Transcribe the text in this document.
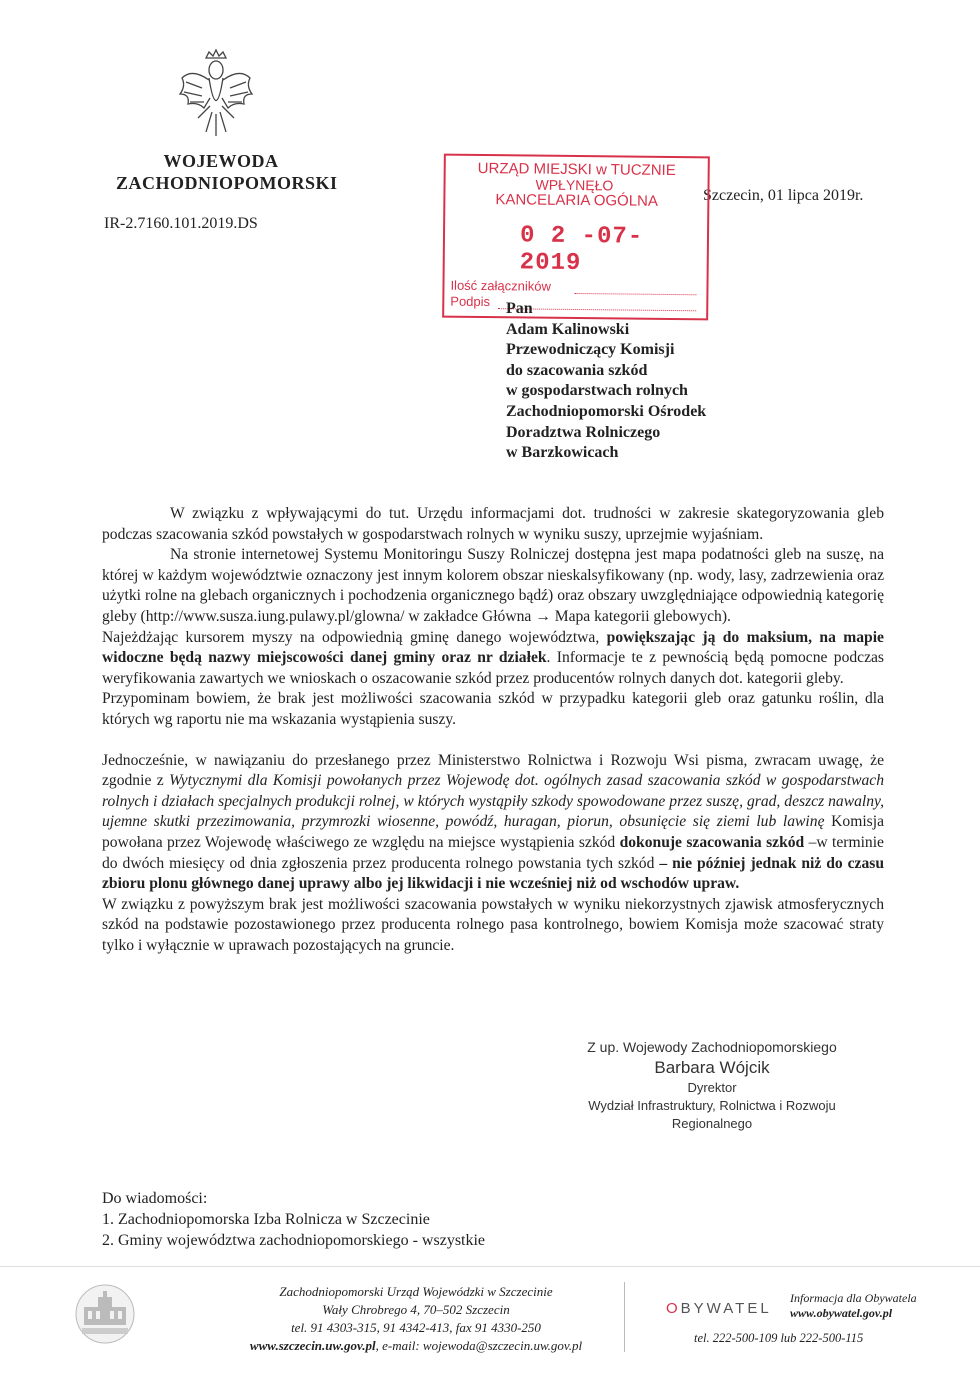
WOJEWODA
ZACHODNIOPOMORSKI
IR-2.7160.101.2019.DS
Szczecin, 01 lipca 2019r.
URZĄD MIEJSKI w TUCZNIE
WPŁYNĘŁO
KANCELARIA OGÓLNA
0 2 -07- 2019
Ilość załączników
Podpis Pan
Adam Kalinowski
Przewodniczący Komisji
do szacowania szkód
w gospodarstwach rolnych
Zachodniopomorski Ośrodek
Doradztwa Rolniczego
w Barzkowicach

W związku z wpływającymi do tut. Urzędu informacjami dot. trudności w zakresie skategoryzowania gleb podczas szacowania szkód powstałych w gospodarstwach rolnych w wyniku suszy, uprzejmie wyjaśniam.

Na stronie internetowej Systemu Monitoringu Suszy Rolniczej dostępna jest mapa podatności gleb na suszę, na której w każdym województwie oznaczony jest innym kolorem obszar nieskalsyfikowany (np. wody, lasy, zadrzewienia oraz użytki rolne na glebach organicznych i pochodzenia organicznego bądź) oraz obszary uwzględniające odpowiednią kategorię gleby (http://www.susza.iung.pulawy.pl/glowna/ w zakładce Główna → Mapa kategorii glebowych).

Najeżdżając kursorem myszy na odpowiednią gminę danego województwa, powiększając ją do maksium, na mapie widoczne będą nazwy miejscowości danej gminy oraz nr działek. Informacje te z pewnością będą pomocne podczas weryfikowania zawartych we wnioskach o oszacowanie szkód przez producentów rolnych danych dot. kategorii gleby.

Przypominam bowiem, że brak jest możliwości szacowania szkód w przypadku kategorii gleb oraz gatunku roślin, dla których wg raportu nie ma wskazania wystąpienia suszy.

Jednocześnie, w nawiązaniu do przesłanego przez Ministerstwo Rolnictwa i Rozwoju Wsi pisma, zwracam uwagę, że zgodnie z Wytycznymi dla Komisji powołanych przez Wojewodę dot. ogólnych zasad szacowania szkód w gospodarstwach rolnych i działach specjalnych produkcji rolnej, w których wystąpiły szkody spowodowane przez suszę, grad, deszcz nawalny, ujemne skutki przezimowania, przymrozki wiosenne, powódź, huragan, piorun, obsunięcie się ziemi lub lawinę Komisja powołana przez Wojewodę właściwego ze względu na miejsce wystąpienia szkód dokonuje szacowania szkód –w terminie do dwóch miesięcy od dnia zgłoszenia przez producenta rolnego powstania tych szkód – nie później jednak niż do czasu zbioru plonu głównego danej uprawy albo jej likwidacji i nie wcześniej niż od wschodów upraw.

W związku z powyższym brak jest możliwości szacowania powstałych w wyniku niekorzystnych zjawisk atmosferycznych szkód na podstawie pozostawionego przez producenta rolnego pasa kontrolnego, bowiem Komisja może szacować straty tylko i wyłącznie w uprawach pozostających na gruncie.

Z up. Wojewody Zachodniopomorskiego
Barbara Wójcik
Dyrektor
Wydział Infrastruktury, Rolnictwa i Rozwoju
Regionalnego
Do wiadomości:
1. Zachodniopomorska Izba Rolnicza w Szczecinie
2. Gminy województwa zachodniopomorskiego - wszystkie
Zachodniopomorski Urząd Wojewódzki w Szczecinie
Wały Chrobrego 4, 70–502 Szczecin
tel. 91 4303-315, 91 4342-413, fax 91 4330-250
www.szczecin.uw.gov.pl, e-mail: wojewoda@szczecin.uw.gov.pl
OBYWATEL
Informacja dla Obywatela
www.obywatel.gov.pl
tel. 222-500-109 lub 222-500-115
